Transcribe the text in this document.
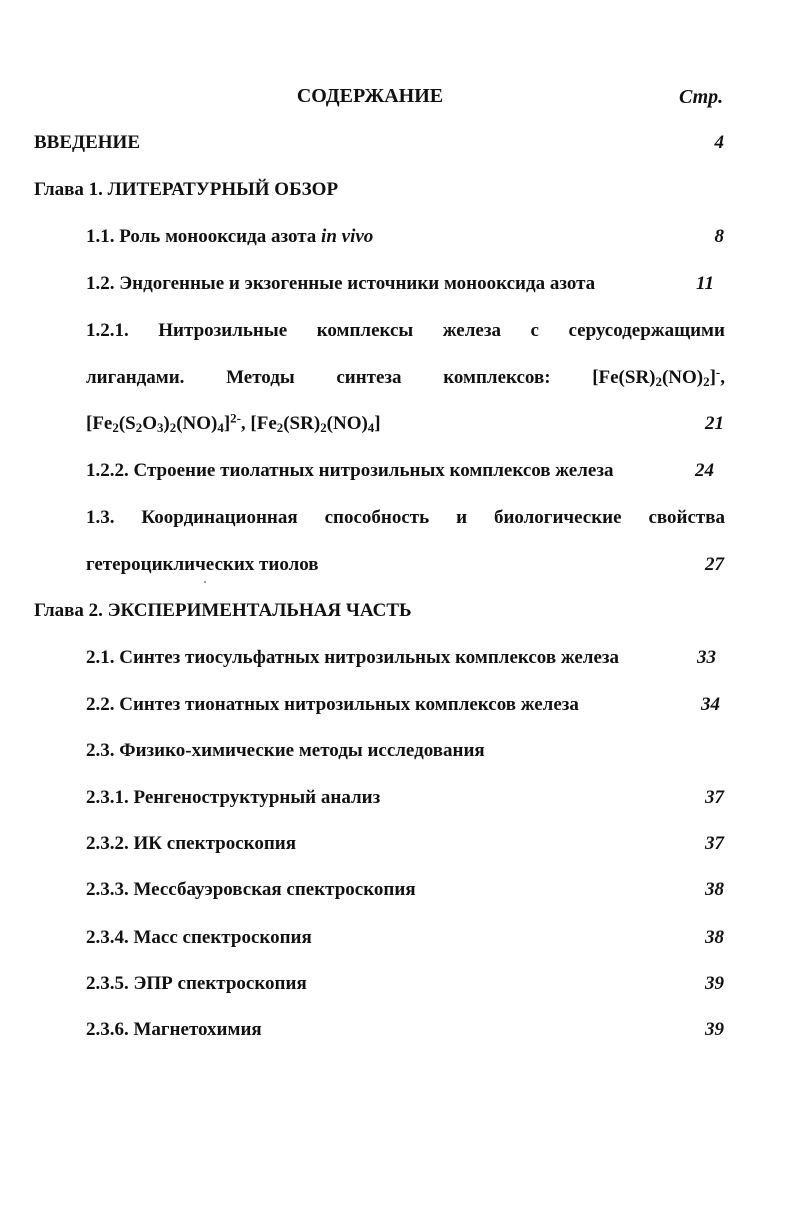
СОДЕРЖАНИЕ	Стр.
ВВЕДЕНИЕ	4
Глава 1. ЛИТЕРАТУРНЫЙ ОБЗОР
1.1. Роль монооксида азота in vivo	8
1.2. Эндогенные и экзогенные источники монооксида азота	11
1.2.1. Нитрозильные комплексы железа с серусодержащими
лигандами. Методы синтеза комплексов: $[Fe(SR)_2(NO)_2]^-$,
$[Fe_2(S_2O_3)_2(NO)_4]^{2-}$, $[Fe_2(SR)_2(NO)_4]$	21
1.2.2. Строение тиолатных нитрозильных комплексов железа	24
1.3. Координационная способность и биологические свойства
гетероциклических тиолов	27
Глава 2. ЭКСПЕРИМЕНТАЛЬНАЯ ЧАСТЬ
2.1. Синтез тиосульфатных нитрозильных комплексов железа	33
2.2. Синтез тионатных нитрозильных комплексов железа	34
2.3. Физико-химические методы исследования
2.3.1. Ренгеноструктурный анализ	37
2.3.2. ИК спектроскопия	37
2.3.3. Мессбауэровская спектроскопия	38
2.3.4. Масс спектроскопия	38
2.3.5. ЭПР спектроскопия	39
2.3.6. Магнетохимия	39
